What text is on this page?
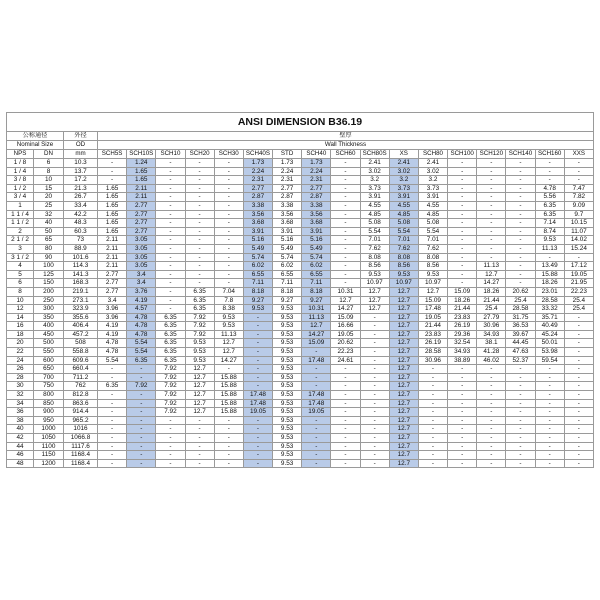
ANSI DIMENSION B36.19																			
公称通径		外径	壁厚																
Nominal Size		OD	Wall Thickness																
NPS	DN	mm	SCH5S	SCH10S	SCH10	SCH20	SCH30	SCH40S	STD	SCH40	SCH60	SCH80S	XS	SCH80	SCH100	SCH120	SCH140	SCH160	XXS
1 / 8	6	10.3	-	1.24	-	-	-	1.73	1.73	1.73	-	2.41	2.41	2.41	-	-	-	-	-
1 / 4	8	13.7	-	1.65	-	-	-	2.24	2.24	2.24	-	3.02	3.02	3.02	-	-	-	-	-
3 / 8	10	17.2	-	1.65	-	-	-	2.31	2.31	2.31	-	3.2	3.2	3.2	-	-	-	-	-
1 / 2	15	21.3	1.65	2.11	-	-	-	2.77	2.77	2.77	-	3.73	3.73	3.73	-	-	-	4.78	7.47
3 / 4	20	26.7	1.65	2.11	-	-	-	2.87	2.87	2.87	-	3.91	3.91	3.91	-	-	-	5.56	7.82
1	25	33.4	1.65	2.77	-	-	-	3.38	3.38	3.38	-	4.55	4.55	4.55	-	-	-	6.35	9.09
1 1 / 4	32	42.2	1.65	2.77	-	-	-	3.56	3.56	3.56	-	4.85	4.85	4.85	-	-	-	6.35	9.7
1 1 / 2	40	48.3	1.65	2.77	-	-	-	3.68	3.68	3.68	-	5.08	5.08	5.08	-	-	-	7.14	10.15
2	50	60.3	1.65	2.77	-	-	-	3.91	3.91	3.91	-	5.54	5.54	5.54	-	-	-	8.74	11.07
2 1 / 2	65	73	2.11	3.05	-	-	-	5.16	5.16	5.16	-	7.01	7.01	7.01	-	-	-	9.53	14.02
3	80	88.9	2.11	3.05	-	-	-	5.49	5.49	5.49	-	7.62	7.62	7.62	-	-	-	11.13	15.24
3 1 / 2	90	101.6	2.11	3.05	-	-	-	5.74	5.74	5.74	-	8.08	8.08	8.08	-	-	-	-	-
4	100	114.3	2.11	3.05	-	-	-	6.02	6.02	6.02	-	8.56	8.56	8.56	-	11.13	-	13.49	17.12
5	125	141.3	2.77	3.4	-	-	-	6.55	6.55	6.55	-	9.53	9.53	9.53	-	12.7	-	15.88	19.05
6	150	168.3	2.77	3.4	-	-	-	7.11	7.11	7.11	-	10.97	10.97	10.97	-	14.27	-	18.26	21.95
8	200	219.1	2.77	3.76	-	6.35	7.04	8.18	8.18	8.18	10.31	12.7	12.7	12.7	15.09	18.26	20.62	23.01	22.23
10	250	273.1	3.4	4.19	-	6.35	7.8	9.27	9.27	9.27	12.7	12.7	12.7	15.09	18.26	21.44	25.4	28.58	25.4
12	300	323.9	3.96	4.57	-	6.35	8.38	9.53	9.53	10.31	14.27	12.7	12.7	17.48	21.44	25.4	28.58	33.32	25.4
14	350	355.6	3.96	4.78	6.35	7.92	9.53	-	9.53	11.13	15.09	-	12.7	19.05	23.83	27.79	31.75	35.71	-
16	400	406.4	4.19	4.78	6.35	7.92	9.53	-	9.53	12.7	16.66	-	12.7	21.44	26.19	30.96	36.53	40.49	-
18	450	457.2	4.19	4.78	6.35	7.92	11.13	-	9.53	14.27	19.05	-	12.7	23.83	29.36	34.93	39.67	45.24	-
20	500	508	4.78	5.54	6.35	9.53	12.7	-	9.53	15.09	20.62	-	12.7	26.19	32.54	38.1	44.45	50.01	-
22	550	558.8	4.78	5.54	6.35	9.53	12.7	-	9.53	-	22.23	-	12.7	28.58	34.93	41.28	47.63	53.98	-
24	600	609.6	5.54	6.35	6.35	9.53	14.27	-	9.53	17.48	24.61	-	12.7	30.96	38.89	46.02	52.37	59.54	-
26	650	660.4	-	-	7.92	12.7	-	-	9.53	-	-	-	12.7	-	-	-	-	-	-
28	700	711.2	-	-	7.92	12.7	15.88	-	9.53	-	-	-	12.7	-	-	-	-	-	-
30	750	762	6.35	7.92	7.92	12.7	15.88	-	9.53	-	-	-	12.7	-	-	-	-	-	-
32	800	812.8	-	-	7.92	12.7	15.88	17.48	9.53	17.48	-	-	12.7	-	-	-	-	-	-
34	850	863.6	-	-	7.92	12.7	15.88	17.48	9.53	17.48	-	-	12.7	-	-	-	-	-	-
36	900	914.4	-	-	7.92	12.7	15.88	19.05	9.53	19.05	-	-	12.7	-	-	-	-	-	-
38	950	965.2	-	-	-	-	-	-	9.53	-	-	-	12.7	-	-	-	-	-	-
40	1000	1016	-	-	-	-	-	-	9.53	-	-	-	12.7	-	-	-	-	-	-
42	1050	1066.8	-	-	-	-	-	-	9.53	-	-	-	12.7	-	-	-	-	-	-
44	1100	1117.6	-	-	-	-	-	-	9.53	-	-	-	12.7	-	-	-	-	-	-
46	1150	1168.4	-	-	-	-	-	-	9.53	-	-	-	12.7	-	-	-	-	-	-
48	1200	1168.4	-	-	-	-	-	-	9.53	-	-	-	12.7	-	-	-	-	-	-
